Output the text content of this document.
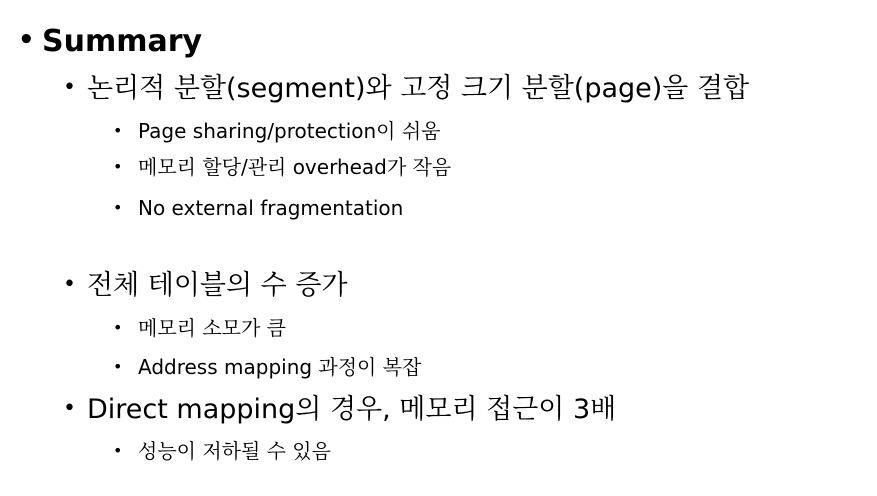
• Summary
• 논리적 분할(segment)와 고정 크기 분할(page)을 결합
• Page sharing/protection이 쉬움
• 메모리 할당/관리 overhead가 작음
• No external fragmentation
• 전체 테이블의 수 증가
• 메모리 소모가 큼
• Address mapping 과정이 복잡
• Direct mapping의 경우, 메모리 접근이 3배
• 성능이 저하될 수 있음
